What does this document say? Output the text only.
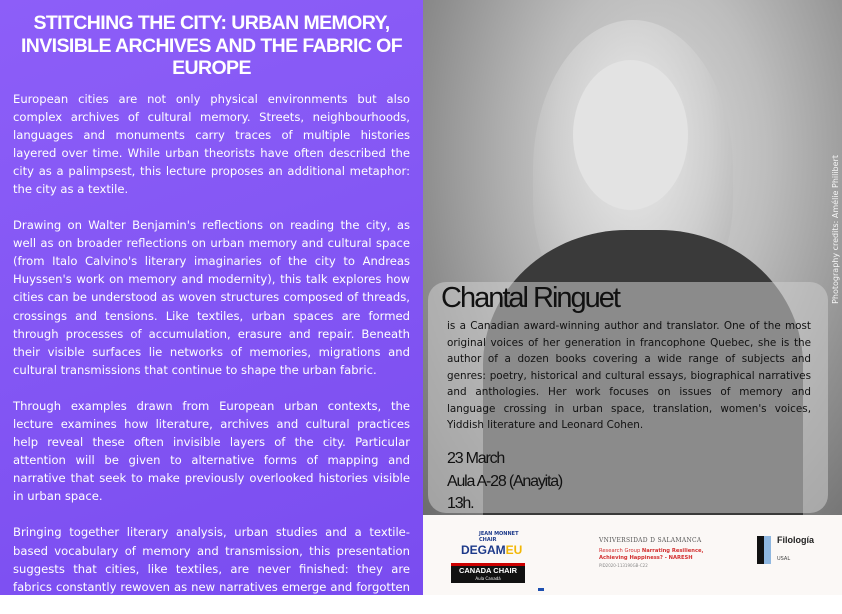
STITCHING THE CITY: URBAN MEMORY, INVISIBLE ARCHIVES AND THE FABRIC OF EUROPE

European cities are not only physical environments but also complex archives of cultural memory. Streets, neighbourhoods, languages and monuments carry traces of multiple histories layered over time. While urban theorists have often described the city as a palimpsest, this lecture proposes an additional metaphor: the city as a textile.

Drawing on Walter Benjamin's reflections on reading the city, as well as on broader reflections on urban memory and cultural space (from Italo Calvino's literary imaginaries of the city to Andreas Huyssen's work on memory and modernity), this talk explores how cities can be understood as woven structures composed of threads, crossings and tensions. Like textiles, urban spaces are formed through processes of accumulation, erasure and repair. Beneath their visible surfaces lie networks of memories, migrations and cultural transmissions that continue to shape the urban fabric.

Through examples drawn from European urban contexts, the lecture examines how literature, archives and cultural practices help reveal these often invisible layers of the city. Particular attention will be given to alternative forms of mapping and narrative that seek to make previously overlooked histories visible in urban space.

Bringing together literary analysis, urban studies and a textile-based vocabulary of memory and transmission, this presentation suggests that cities, like textiles, are never finished: they are fabrics constantly rewoven as new narratives emerge and forgotten histories return to the surface.

Photography credits: Amélie Philibert
Chantal Ringuet

is a Canadian award-winning author and translator. One of the most original voices of her generation in francophone Quebec, she is the author of a dozen books covering a wide range of subjects and genres: poetry, historical and cultural essays, biographical narratives and anthologies. Her work focuses on issues of memory and language crossing in urban space, translation, women's voices, Yiddish literature and Leonard Cohen.

23 March
Aula A-28 (Anayita)
13h.
JEAN MONNET CHAIR
DEGAMEU
CANADA CHAIR
Aula Canadá
VNIVERSIDAD D SALAMANCA
Research Group Narrating Resilience, Achieving Happiness? - NARESH
PID2020-113190GB-C22
Filología
USAL
